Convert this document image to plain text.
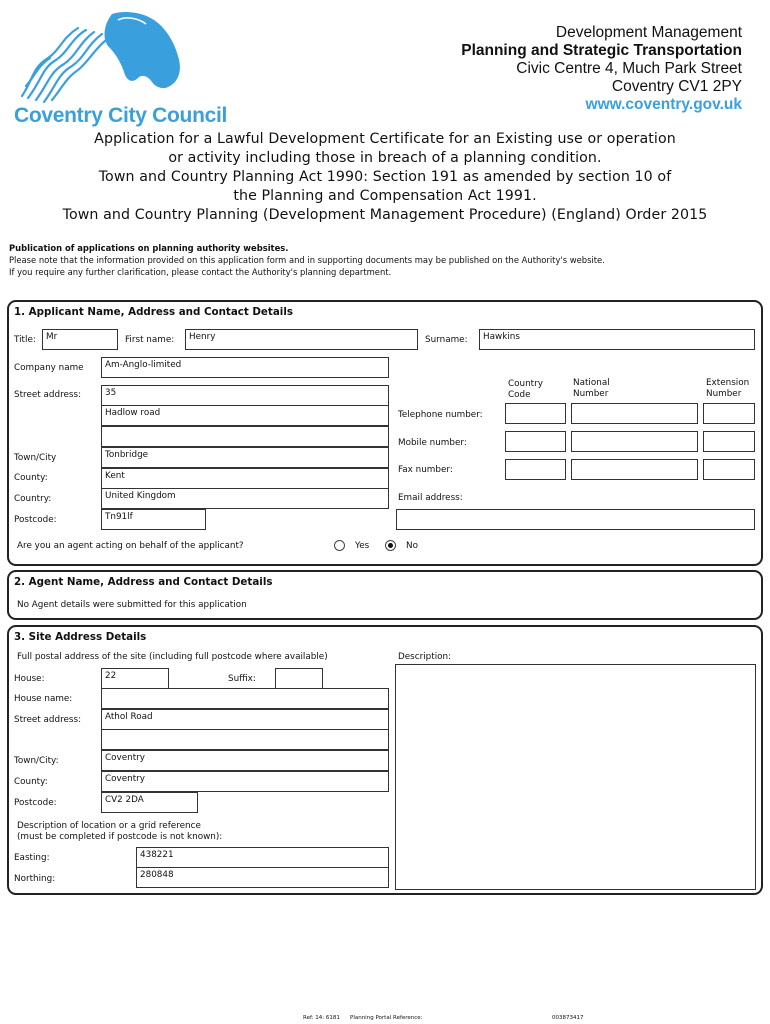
Coventry City Council
Development Management
Planning and Strategic Transportation
Civic Centre 4, Much Park Street
Coventry CV1 2PY
www.coventry.gov.uk
Application for a Lawful Development Certificate for an Existing use or operation
or activity including those in breach of a planning condition.
Town and Country Planning Act 1990: Section 191 as amended by section 10 of
the Planning and Compensation Act 1991.
Town and Country Planning (Development Management Procedure) (England) Order 2015
Publication of applications on planning authority websites.
Please note that the information provided on this application form and in supporting documents may be published on the Authority's website.
If you require any further clarification, please contact the Authority's planning department.
1. Applicant Name, Address and Contact Details
Title:	Mr	First name:	Henry	Surname:	Hawkins
Company name	Am-Anglo-limited
Street address:	35
Hadlow road
Town/City	Tonbridge
County:	Kent
Country:	United Kingdom
Postcode:	Tn91lf
Country
Code
National
Number
Extension
Number
Telephone number:
Mobile number:
Fax number:
Email address:
Are you an agent acting on behalf of the applicant?	Yes	No
2. Agent Name, Address and Contact Details
No Agent details were submitted for this application
3. Site Address Details
Full postal address of the site (including full postcode where available)	Description:
House:	22	Suffix:
House name:
Street address:	Athol Road
Town/City:	Coventry
County:	Coventry
Postcode:	CV2 2DA
Description of location or a grid reference
(must be completed if postcode is not known):
Easting:	438221
Northing:	280848
Ref: 14: 6181 Planning Portal Reference:	003873417
